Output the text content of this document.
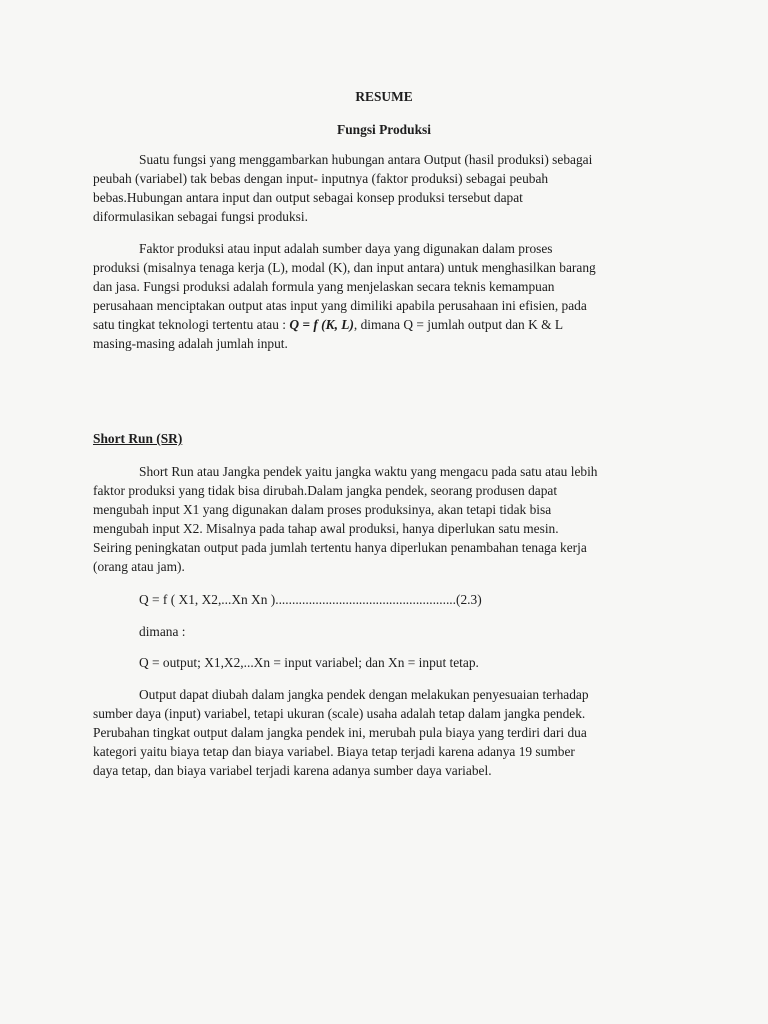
RESUME
Fungsi Produksi
Suatu fungsi yang menggambarkan hubungan antara Output (hasil produksi) sebagai
peubah (variabel) tak bebas dengan input- inputnya (faktor produksi) sebagai peubah
bebas.Hubungan antara input dan output sebagai konsep produksi tersebut dapat
diformulasikan sebagai fungsi produksi.
Faktor produksi atau input adalah sumber daya yang digunakan dalam proses
produksi (misalnya tenaga kerja (L), modal (K), dan input antara) untuk menghasilkan barang
dan jasa. Fungsi produksi adalah formula yang menjelaskan secara teknis kemampuan
perusahaan menciptakan output atas input yang dimiliki apabila perusahaan ini efisien, pada
satu tingkat teknologi tertentu atau : Q = f (K, L), dimana Q = jumlah output dan K & L
masing-masing adalah jumlah input.
Short Run (SR)
Short Run atau Jangka pendek yaitu jangka waktu yang mengacu pada satu atau lebih
faktor produksi yang tidak bisa dirubah.Dalam jangka pendek, seorang produsen dapat
mengubah input X1 yang digunakan dalam proses produksinya, akan tetapi tidak bisa
mengubah input X2. Misalnya pada tahap awal produksi, hanya diperlukan satu mesin.
Seiring peningkatan output pada jumlah tertentu hanya diperlukan penambahan tenaga kerja
(orang atau jam).
Q = f ( X1, X2,...Xn Xn )......................................................(2.3)
dimana :
Q = output; X1,X2,...Xn = input variabel; dan Xn = input tetap.
Output dapat diubah dalam jangka pendek dengan melakukan penyesuaian terhadap
sumber daya (input) variabel, tetapi ukuran (scale) usaha adalah tetap dalam jangka pendek.
Perubahan tingkat output dalam jangka pendek ini, merubah pula biaya yang terdiri dari dua
kategori yaitu biaya tetap dan biaya variabel. Biaya tetap terjadi karena adanya 19 sumber
daya tetap, dan biaya variabel terjadi karena adanya sumber daya variabel.
